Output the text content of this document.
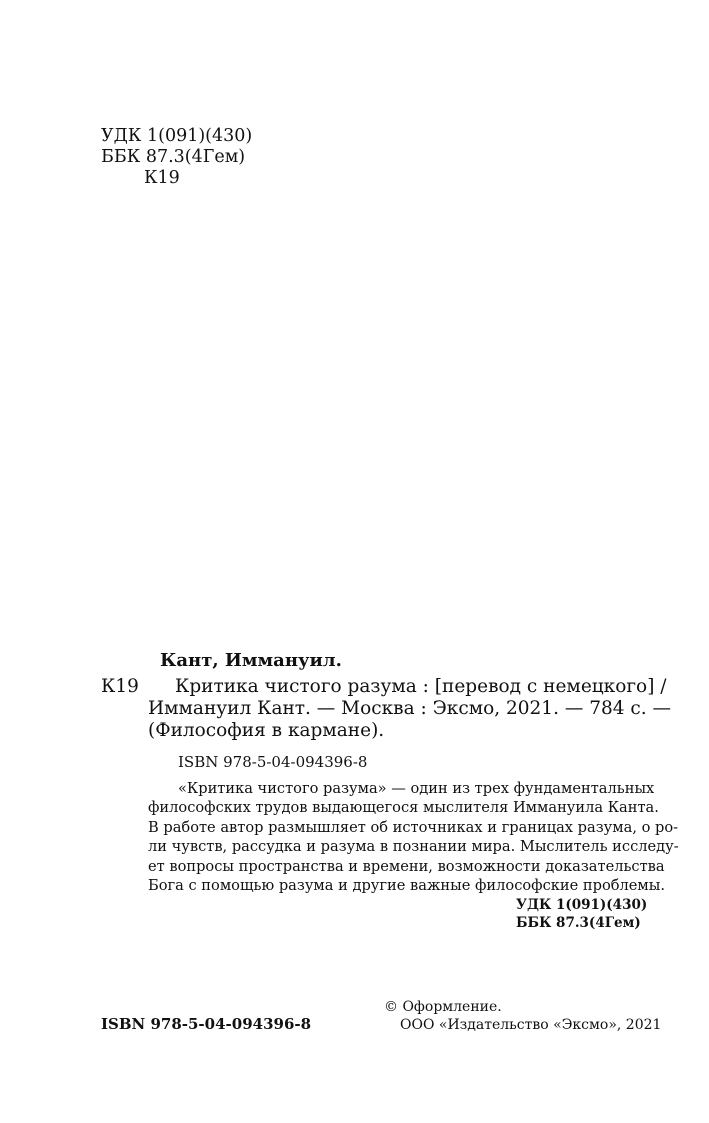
УДК 1(091)(430)
ББК 87.3(4Гем)
К19
Кант, Иммануил.
К19 Критика чистого разума : [перевод с немецкого] /
Иммануил Кант. — Москва : Эксмо, 2021. — 784 с. —
(Философия в кармане).
ISBN 978-5-04-094396-8
«Критика чистого разума» — один из трех фундаментальных
философских трудов выдающегося мыслителя Иммануила Канта.
В работе автор размышляет об источниках и границах разума, о ро-
ли чувств, рассудка и разума в познании мира. Мыслитель исследу-
ет вопросы пространства и времени, возможности доказательства
Бога с помощью разума и другие важные философские проблемы.
УДК 1(091)(430)
ББК 87.3(4Гем)
© Оформление.
ISBN 978-5-04-094396-8	ООО «Издательство «Эксмо», 2021
